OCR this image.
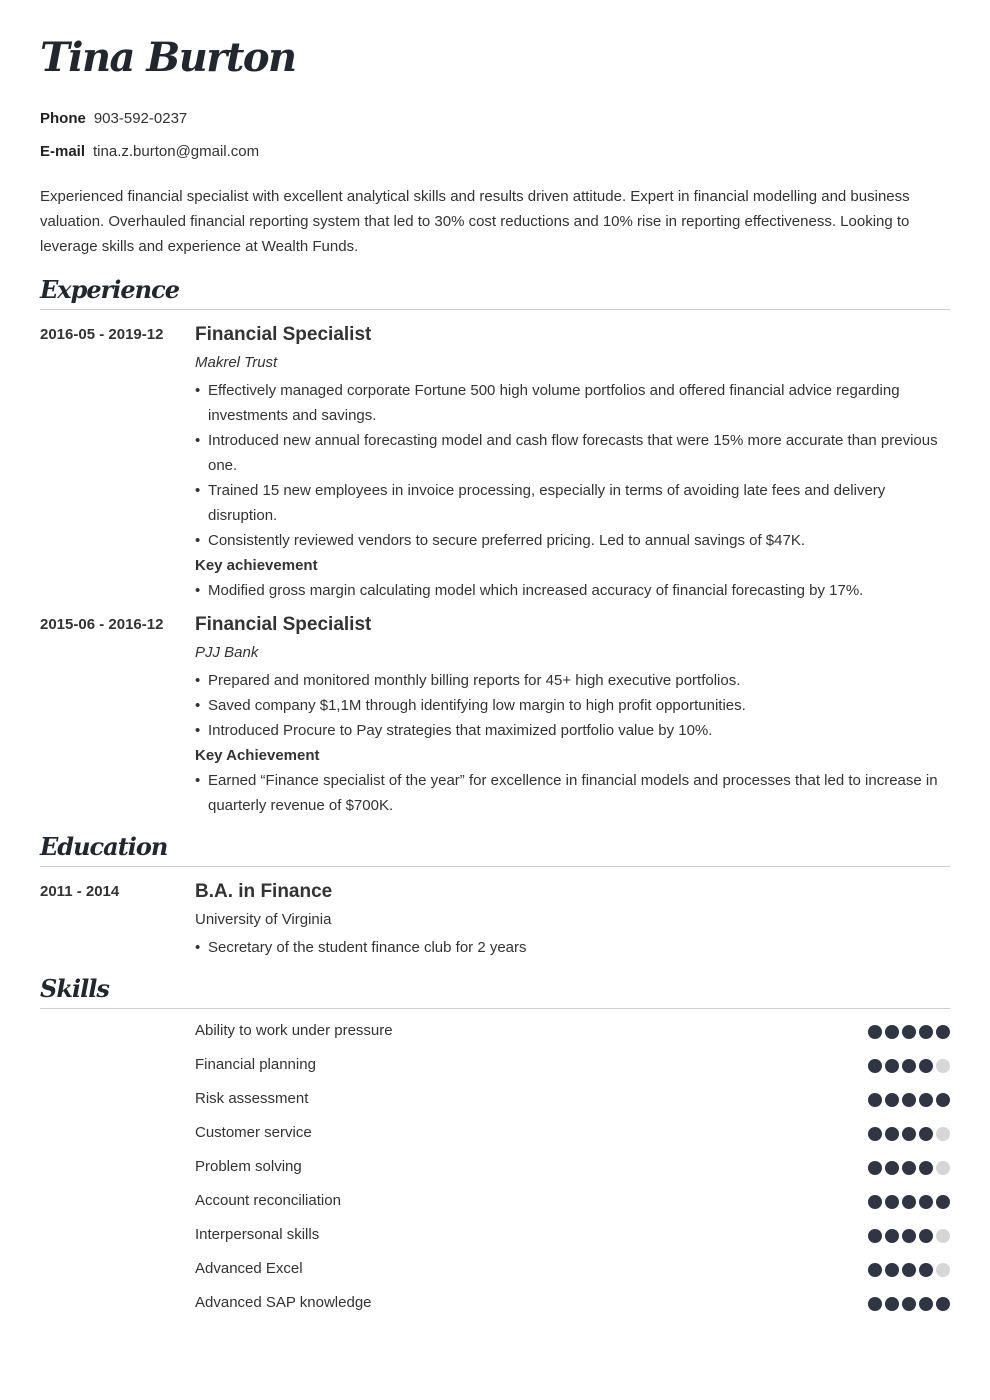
Tina Burton
Phone 903-592-0237
E-mail tina.z.burton@gmail.com

Experienced financial specialist with excellent analytical skills and results driven attitude. Expert in financial modelling and business valuation. Overhauled financial reporting system that led to 30% cost reductions and 10% rise in reporting effectiveness. Looking to leverage skills and experience at Wealth Funds.

Experience
2016-05 - 2019-12 Financial Specialist
Makrel Trust
• Effectively managed corporate Fortune 500 high volume portfolios and offered financial advice regarding investments and savings.
• Introduced new annual forecasting model and cash flow forecasts that were 15% more accurate than previous one.
• Trained 15 new employees in invoice processing, especially in terms of avoiding late fees and delivery disruption.
• Consistently reviewed vendors to secure preferred pricing. Led to annual savings of $47K.
Key achievement
• Modified gross margin calculating model which increased accuracy of financial forecasting by 17%.
2015-06 - 2016-12 Financial Specialist
PJJ Bank
• Prepared and monitored monthly billing reports for 45+ high executive portfolios.
• Saved company $1,1M through identifying low margin to high profit opportunities.
• Introduced Procure to Pay strategies that maximized portfolio value by 10%.
Key Achievement
• Earned “Finance specialist of the year” for excellence in financial models and processes that led to increase in quarterly revenue of $700K.
Education
2011 - 2014	B.A. in Finance
University of Virginia
• Secretary of the student finance club for 2 years
Skills
Ability to work under pressure
Financial planning
Risk assessment
Customer service
Problem solving
Account reconciliation
Interpersonal skills
Advanced Excel
Advanced SAP knowledge
